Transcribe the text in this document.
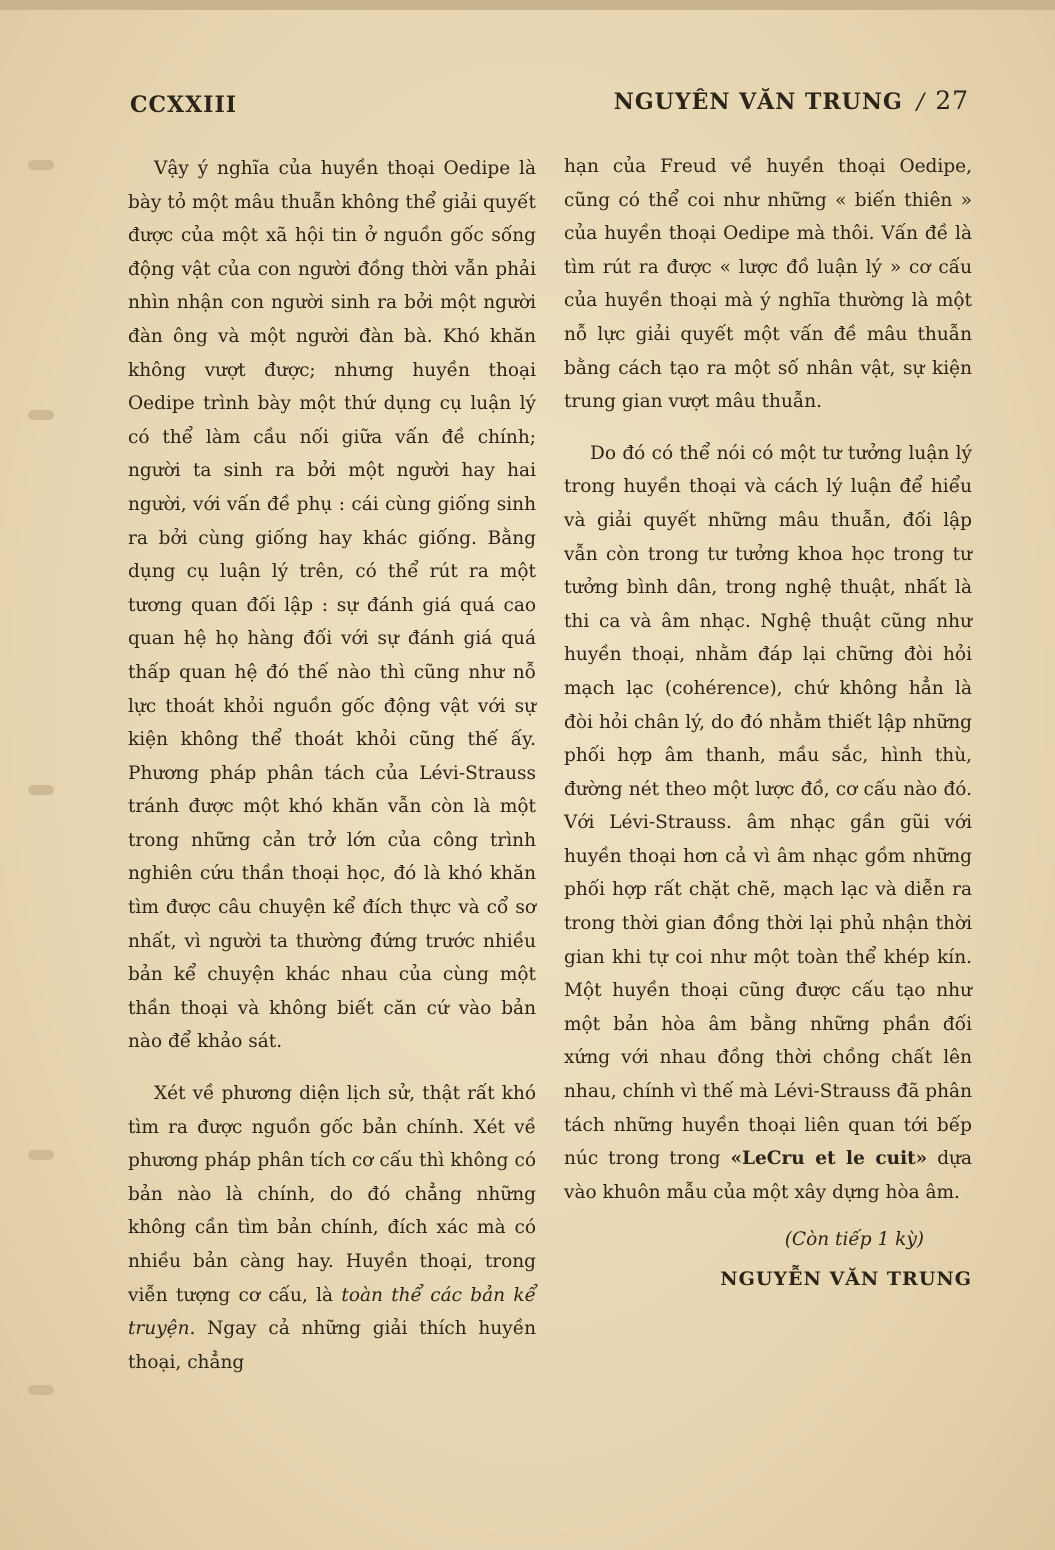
CCXXIII	NGUYÊN VĂN TRUNG / 27

Vậy ý nghĩa của huyền thoại Oedipe là bày tỏ một mâu thuẫn không thể giải quyết được của một xã hội tin ở nguồn gốc sống động vật của con người đồng thời vẫn phải nhìn nhận con người sinh ra bởi một người đàn ông và một người đàn bà. Khó khăn không vượt được; nhưng huyền thoại Oedipe trình bày một thứ dụng cụ luận lý có thể làm cầu nối giữa vấn đề chính; người ta sinh ra bởi một người hay hai người, với vấn đề phụ : cái cùng giống sinh ra bởi cùng giống hay khác giống. Bằng dụng cụ luận lý trên, có thể rút ra một tương quan đối lập : sự đánh giá quá cao quan hệ họ hàng đối với sự đánh giá quá thấp quan hệ đó thế nào thì cũng như nỗ lực thoát khỏi nguồn gốc động vật với sự kiện không thể thoát khỏi cũng thế ấy. Phương pháp phân tách của Lévi-Strauss tránh được một khó khăn vẫn còn là một trong những cản trở lớn của công trình nghiên cứu thần thoại học, đó là khó khăn tìm được câu chuyện kể đích thực và cổ sơ nhất, vì người ta thường đứng trước nhiều bản kể chuyện khác nhau của cùng một thần thoại và không biết căn cứ vào bản nào để khảo sát.

Xét về phương diện lịch sử, thật rất khó tìm ra được nguồn gốc bản chính. Xét về phương pháp phân tích cơ cấu thì không có bản nào là chính, do đó chẳng những không cần tìm bản chính, đích xác mà có nhiều bản càng hay. Huyền thoại, trong viễn tượng cơ cấu, là toàn thể các bản kể truyện. Ngay cả những giải thích huyền thoại, chẳng

hạn của Freud về huyền thoại Oedipe, cũng có thể coi như những « biến thiên » của huyền thoại Oedipe mà thôi. Vấn đề là tìm rút ra được « lược đồ luận lý » cơ cấu của huyền thoại mà ý nghĩa thường là một nỗ lực giải quyết một vấn đề mâu thuẫn bằng cách tạo ra một số nhân vật, sự kiện trung gian vượt mâu thuẫn.

Do đó có thể nói có một tư tưởng luận lý trong huyền thoại và cách lý luận để hiểu và giải quyết những mâu thuẫn, đối lập vẫn còn trong tư tưởng khoa học trong tư tưởng bình dân, trong nghệ thuật, nhất là thi ca và âm nhạc. Nghệ thuật cũng như huyền thoại, nhằm đáp lại chững đòi hỏi mạch lạc (cohérence), chứ không hẳn là đòi hỏi chân lý, do đó nhằm thiết lập những phối hợp âm thanh, mầu sắc, hình thù, đường nét theo một lược đồ, cơ cấu nào đó. Với Lévi-Strauss. âm nhạc gần gũi với huyền thoại hơn cả vì âm nhạc gồm những phối hợp rất chặt chẽ, mạch lạc và diễn ra trong thời gian đồng thời lại phủ nhận thời gian khi tự coi như một toàn thể khép kín. Một huyền thoại cũng được cấu tạo như một bản hòa âm bằng những phần đối xứng với nhau đồng thời chồng chất lên nhau, chính vì thế mà Lévi-Strauss đã phân tách những huyền thoại liên quan tới bếp núc trong trong «LeCru et le cuit» dựa vào khuôn mẫu của một xây dựng hòa âm.

(Còn tiếp 1 kỳ)
NGUYỄN VĂN TRUNG
